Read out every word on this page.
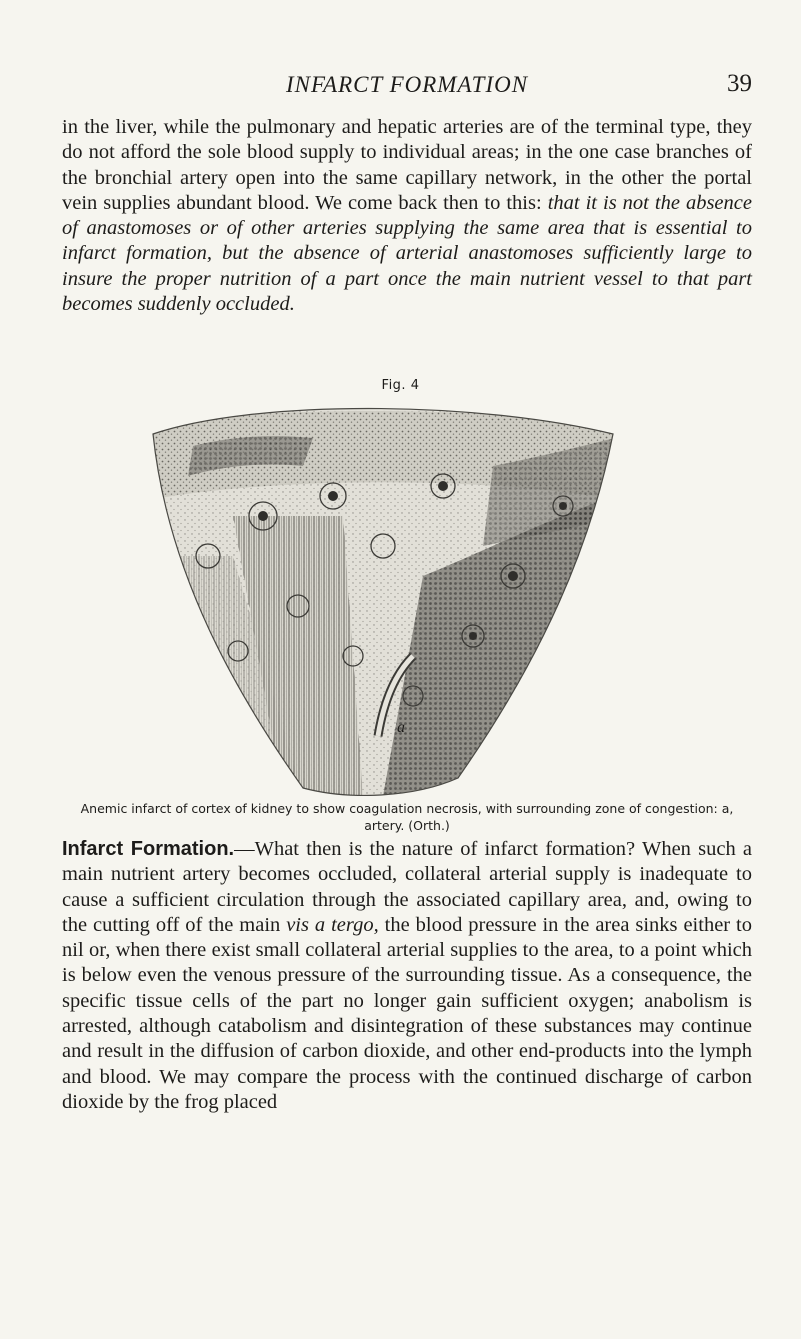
INFARCT FORMATION	39

in the liver, while the pulmonary and hepatic arteries are of the terminal type, they do not afford the sole blood supply to individual areas; in the one case branches of the bronchial artery open into the same capillary network, in the other the portal vein supplies abundant blood. We come back then to this: that it is not the absence of anastomoses or of other arteries supplying the same area that is essential to infarct formation, but the absence of arterial anastomoses sufficiently large to insure the proper nutrition of a part once the main nutrient vessel to that part becomes suddenly occluded.

Fig. 4
a
Anemic infarct of cortex of kidney to show coagulation necrosis, with surrounding zone of congestion: a, artery. (Orth.)

Infarct Formation.—What then is the nature of infarct formation? When such a main nutrient artery becomes occluded, collateral arterial supply is inadequate to cause a sufficient circulation through the associated capillary area, and, owing to the cutting off of the main vis a tergo, the blood pressure in the area sinks either to nil or, when there exist small collateral arterial supplies to the area, to a point which is below even the venous pressure of the surrounding tissue. As a consequence, the specific tissue cells of the part no longer gain sufficient oxygen; anabolism is arrested, although catabolism and disintegration of these substances may continue and result in the diffusion of carbon dioxide, and other end-products into the lymph and blood. We may compare the process with the continued discharge of carbon dioxide by the frog placed
